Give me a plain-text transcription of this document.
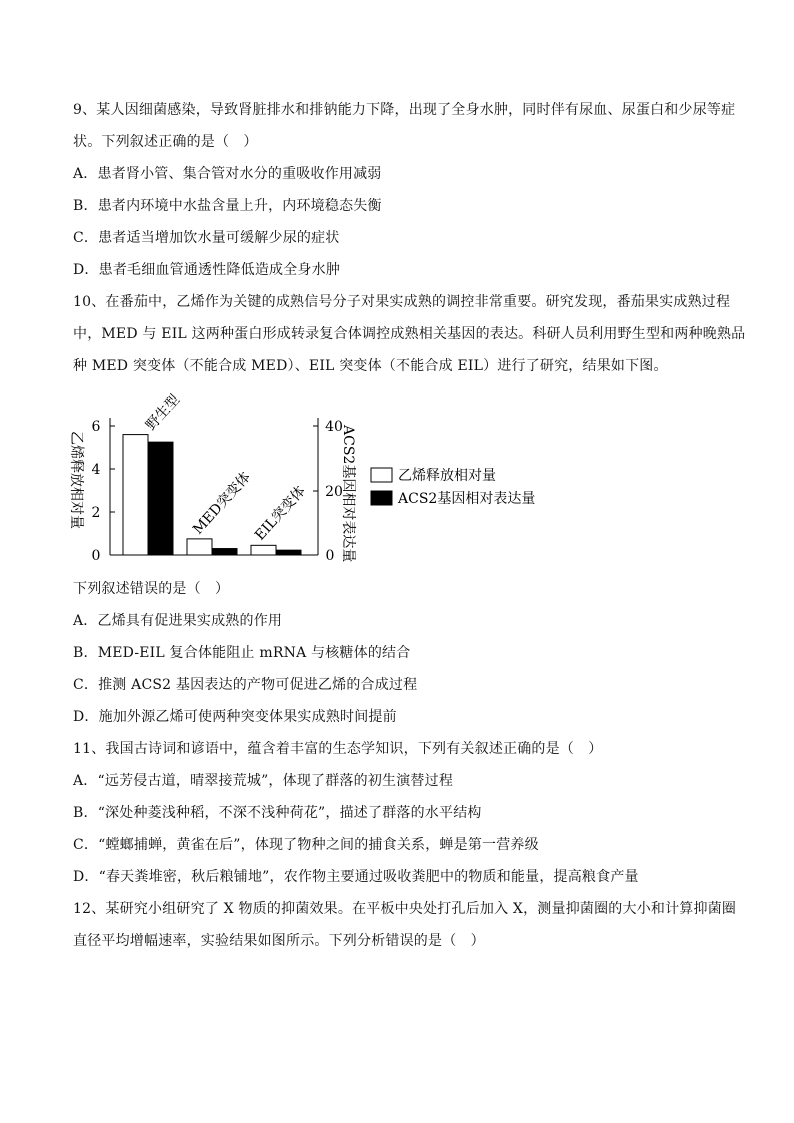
9、某人因细菌感染，导致肾脏排水和排钠能力下降，出现了全身水肿，同时伴有尿血、尿蛋白和少尿等症
状。下列叙述正确的是（　）
A．患者肾小管、集合管对水分的重吸收作用减弱
B．患者内环境中水盐含量上升，内环境稳态失衡
C．患者适当增加饮水量可缓解少尿的症状
D．患者毛细血管通透性降低造成全身水肿
10、在番茄中，乙烯作为关键的成熟信号分子对果实成熟的调控非常重要。研究发现，番茄果实成熟过程
中，MED 与 EIL 这两种蛋白形成转录复合体调控成熟相关基因的表达。科研人员利用野生型和两种晚熟品
种 MED 突变体（不能合成 MED）、EIL 突变体（不能合成 EIL）进行了研究，结果如下图。
6
4
2
0
40
20
0
乙烯释放相对量	ACS2基因相对表达量
野生型
MED突变体
EIL突变体
乙烯释放相对量
ACS2基因相对表达量
下列叙述错误的是（　）
A．乙烯具有促进果实成熟的作用
B．MED-EIL 复合体能阻止 mRNA 与核糖体的结合
C．推测 ACS2 基因表达的产物可促进乙烯的合成过程
D．施加外源乙烯可使两种突变体果实成熟时间提前
11、我国古诗词和谚语中，蕴含着丰富的生态学知识，下列有关叙述正确的是（　）
A．“远芳侵古道，晴翠接荒城”，体现了群落的初生演替过程
B．“深处种菱浅种稻，不深不浅种荷花”，描述了群落的水平结构
C．“螳螂捕蝉，黄雀在后”，体现了物种之间的捕食关系，蝉是第一营养级
D．“春天粪堆密，秋后粮铺地”，农作物主要通过吸收粪肥中的物质和能量，提高粮食产量
12、某研究小组研究了 X 物质的抑菌效果。在平板中央处打孔后加入 X，测量抑菌圈的大小和计算抑菌圈
直径平均增幅速率，实验结果如图所示。下列分析错误的是（　）
